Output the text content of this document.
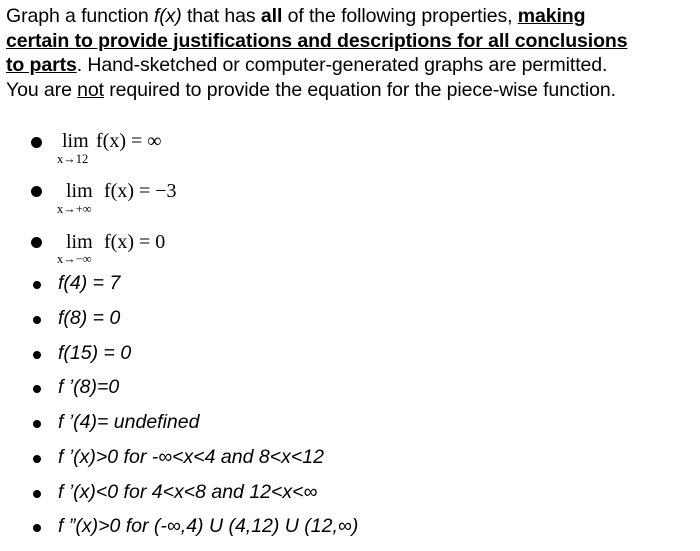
Graph a function f(x) that has all of the following properties, making
certain to provide justifications and descriptions for all conclusions
to parts. Hand-sketched or computer-generated graphs are permitted.
You are not required to provide the equation for the piece-wise function.
lim
x→12
f(x) = ∞
lim
x→+∞
f(x) = −3
lim
x→−∞
f(x) = 0
f(4) = 7
f(8) = 0
f(15) = 0
f ’(8)=0
f ’(4)= undefined
f ’(x)>0 for -∞<x<4 and 8<x<12
f ’(x)<0 for 4<x<8 and 12<x<∞
f ”(x)>0 for (-∞,4) U (4,12) U (12,∞)
